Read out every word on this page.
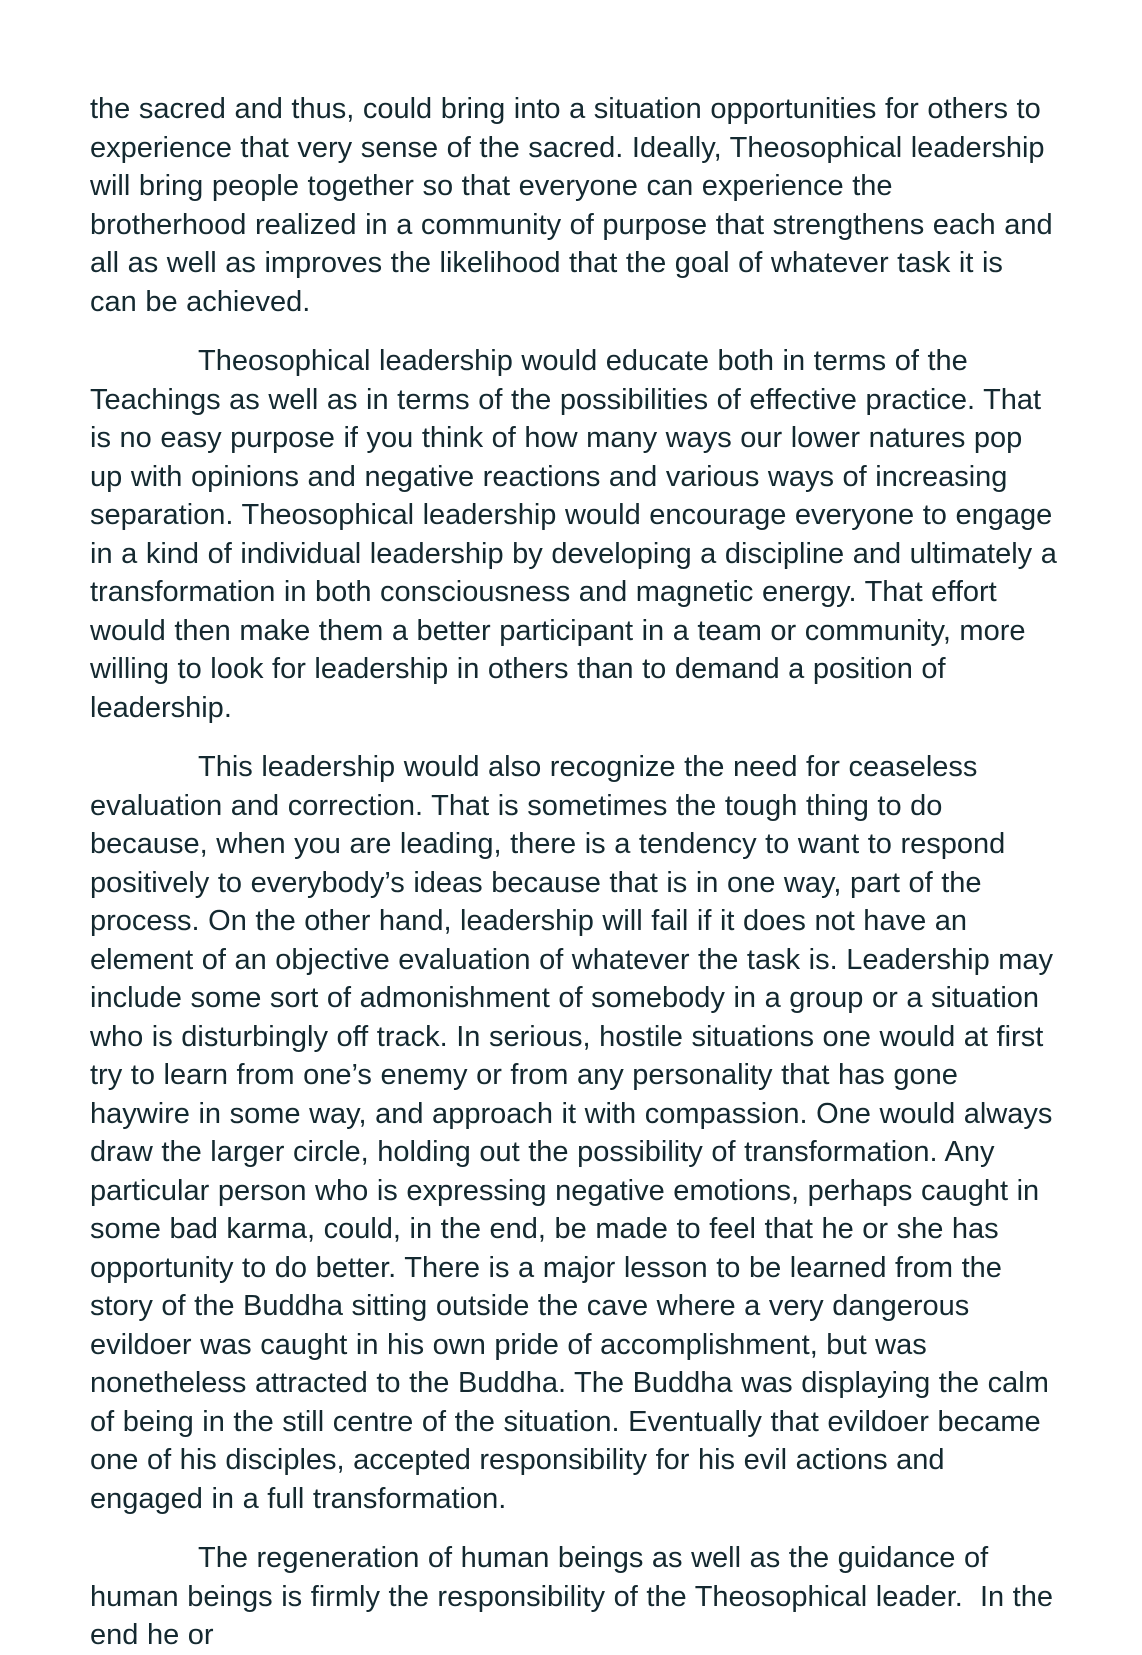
the sacred and thus, could bring into a situation opportunities for others to experience that very sense of the sacred. Ideally, Theosophical leadership will bring people together so that everyone can experience the brotherhood realized in a community of purpose that strengthens each and all as well as improves the likelihood that the goal of whatever task it is can be achieved.

Theosophical leadership would educate both in terms of the Teachings as well as in terms of the possibilities of effective practice. That is no easy purpose if you think of how many ways our lower natures pop up with opinions and negative reactions and various ways of increasing separation. Theosophical leadership would encourage everyone to engage in a kind of individual leadership by developing a discipline and ultimately a transformation in both consciousness and magnetic energy. That effort would then make them a better participant in a team or community, more willing to look for leadership in others than to demand a position of leadership.

This leadership would also recognize the need for ceaseless evaluation and correction. That is sometimes the tough thing to do because, when you are leading, there is a tendency to want to respond positively to everybody’s ideas because that is in one way, part of the process. On the other hand, leadership will fail if it does not have an element of an objective evaluation of whatever the task is. Leadership may include some sort of admonishment of somebody in a group or a situation who is disturbingly off track. In serious, hostile situations one would at first try to learn from one’s enemy or from any personality that has gone haywire in some way, and approach it with compassion. One would always draw the larger circle, holding out the possibility of transformation. Any particular person who is expressing negative emotions, perhaps caught in some bad karma, could, in the end, be made to feel that he or she has opportunity to do better. There is a major lesson to be learned from the story of the Buddha sitting outside the cave where a very dangerous evildoer was caught in his own pride of accomplishment, but was nonetheless attracted to the Buddha. The Buddha was displaying the calm of being in the still centre of the situation. Eventually that evildoer became one of his disciples, accepted responsibility for his evil actions and engaged in a full transformation.

The regeneration of human beings as well as the guidance of human beings is firmly the responsibility of the Theosophical leader.  In the end he or
